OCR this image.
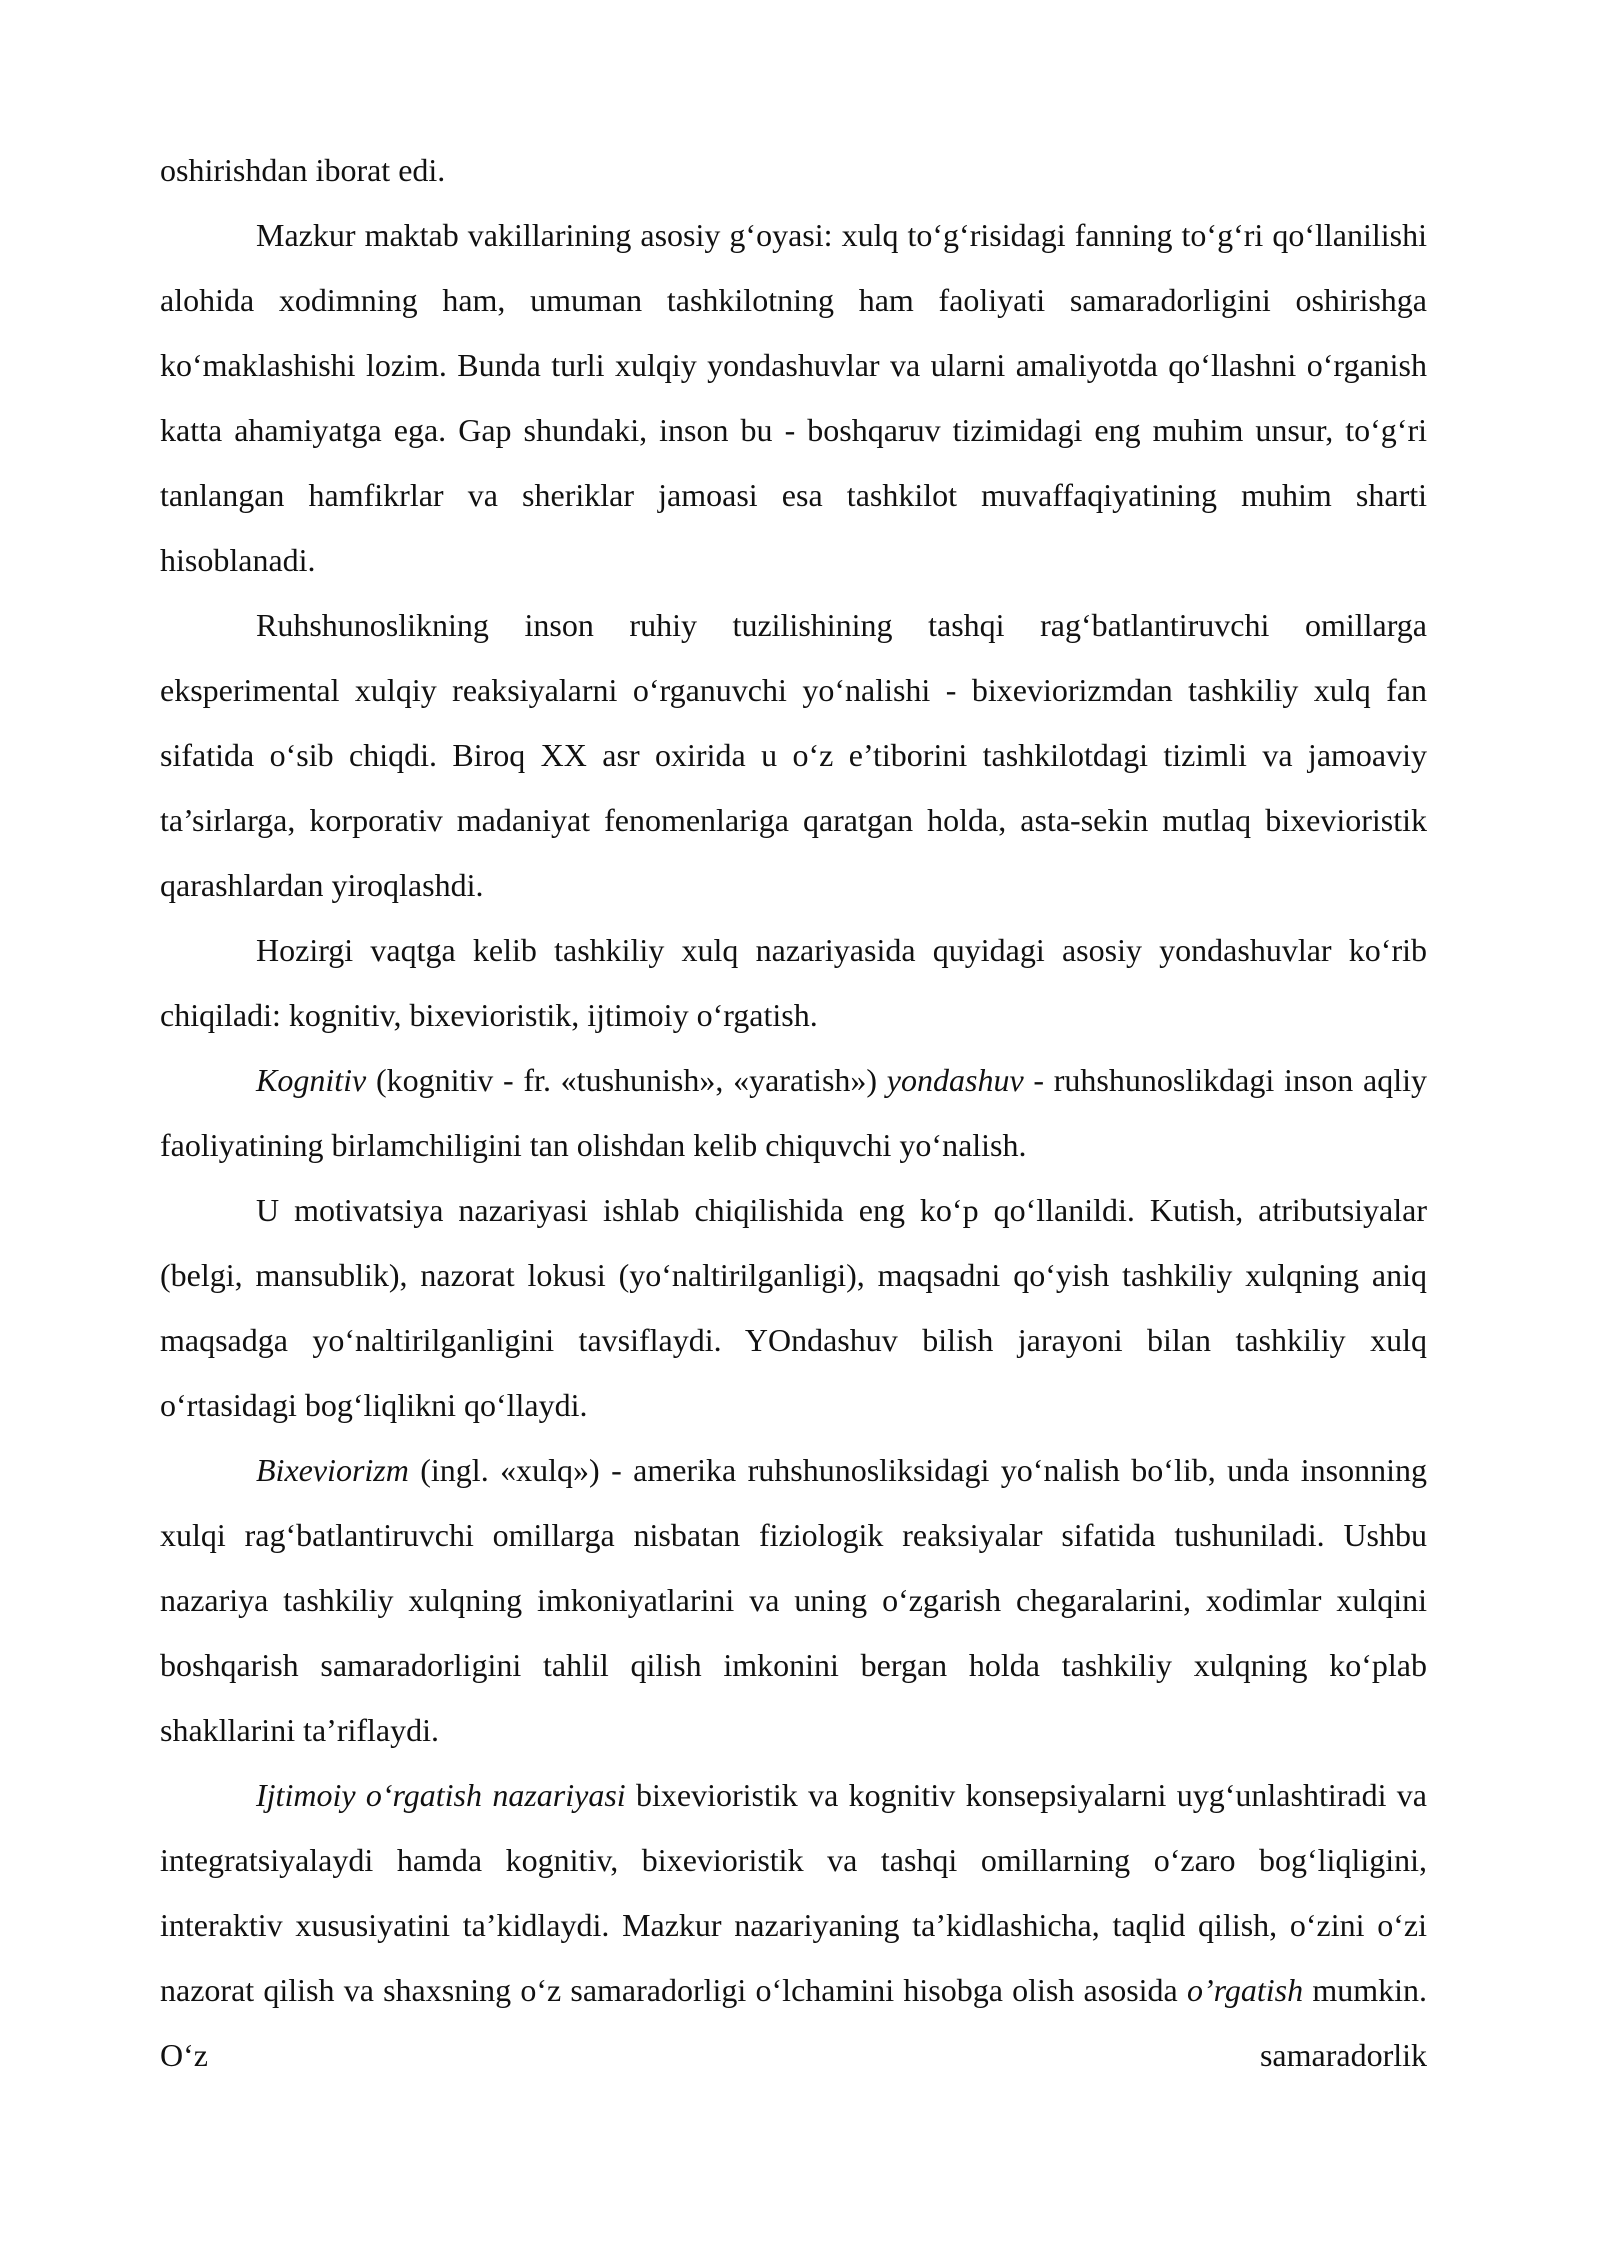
oshirishdan iborat edi.

Mazkur maktab vakillarining asosiy g‘oyasi: xulq to‘g‘risidagi fanning to‘g‘ri qo‘llanilishi alohida xodimning ham, umuman tashkilotning ham faoliyati samaradorligini oshirishga ko‘maklashishi lozim. Bunda turli xulqiy yondashuvlar va ularni amaliyotda qo‘llashni o‘rganish katta ahamiyatga ega. Gap shundaki, inson bu - boshqaruv tizimidagi eng muhim unsur, to‘g‘ri tanlangan hamfikrlar va sheriklar jamoasi esa tashkilot muvaffaqiyatining muhim sharti hisoblanadi.

Ruhshunoslikning inson ruhiy tuzilishining tashqi rag‘batlantiruvchi omillarga eksperimental xulqiy reaksiyalarni o‘rganuvchi yo‘nalishi - bixeviorizmdan tashkiliy xulq fan sifatida o‘sib chiqdi. Biroq XX asr oxirida u o‘z e’tiborini tashkilotdagi tizimli va jamoaviy ta’sirlarga, korporativ madaniyat fenomenlariga qaratgan holda, asta-sekin mutlaq bixevioristik qarashlardan yiroqlashdi.

Hozirgi vaqtga kelib tashkiliy xulq nazariyasida quyidagi asosiy yondashuvlar ko‘rib chiqiladi: kognitiv, bixevioristik, ijtimoiy o‘rgatish.

Kognitiv (kognitiv - fr. «tushunish», «yaratish») yondashuv - ruhshunoslikdagi inson aqliy faoliyatining birlamchiligini tan olishdan kelib chiquvchi yo‘nalish.

U motivatsiya nazariyasi ishlab chiqilishida eng ko‘p qo‘llanildi. Kutish, atributsiyalar (belgi, mansublik), nazorat lokusi (yo‘naltirilganligi), maqsadni qo‘yish tashkiliy xulqning aniq maqsadga yo‘naltirilganligini tavsiflaydi. YOndashuv bilish jarayoni bilan tashkiliy xulq o‘rtasidagi bog‘liqlikni qo‘llaydi.

Bixeviorizm (ingl. «xulq») - amerika ruhshunosliksidagi yo‘nalish bo‘lib, unda insonning xulqi rag‘batlantiruvchi omillarga nisbatan fiziologik reaksiyalar sifatida tushuniladi. Ushbu nazariya tashkiliy xulqning imkoniyatlarini va uning o‘zgarish chegaralarini, xodimlar xulqini boshqarish samaradorligini tahlil qilish imkonini bergan holda tashkiliy xulqning ko‘plab shakllarini ta’riflaydi.

Ijtimoiy o‘rgatish nazariyasi bixevioristik va kognitiv konsepsiyalarni uyg‘unlashtiradi va integratsiyalaydi hamda kognitiv, bixevioristik va tashqi omillarning o‘zaro bog‘liqligini, interaktiv xususiyatini ta’kidlaydi. Mazkur nazariyaning ta’kidlashicha, taqlid qilish, o‘zini o‘zi nazorat qilish va shaxsning o‘z samaradorligi o‘lchamini hisobga olish asosida o’rgatish mumkin. O‘z samaradorlik
